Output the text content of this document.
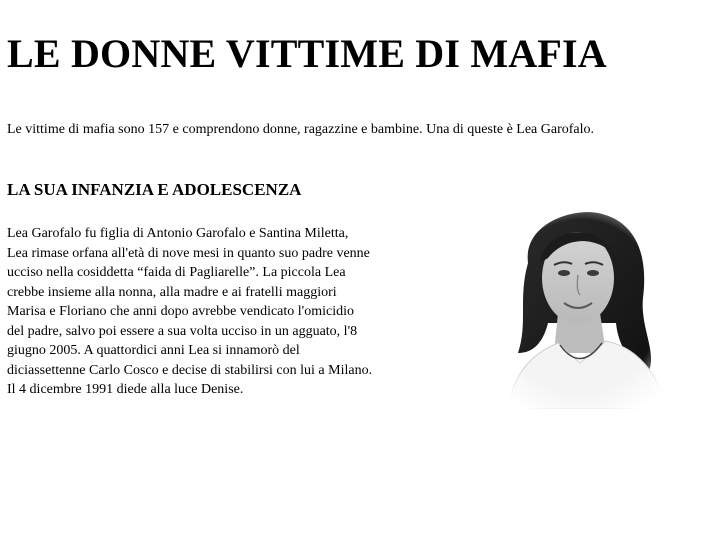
LE DONNE VITTIME DI MAFIA

Le vittime di mafia sono 157 e comprendono donne, ragazzine e bambine. Una di queste è Lea Garofalo.

LA SUA INFANZIA E ADOLESCENZA

Lea Garofalo fu figlia di Antonio Garofalo e Santina Miletta,
Lea rimase orfana all'età di nove mesi in quanto suo padre venne
ucciso nella cosiddetta “faida di Pagliarelle”. La piccola Lea
crebbe insieme alla nonna, alla madre e ai fratelli maggiori
Marisa e Floriano che anni dopo avrebbe vendicato l'omicidio
del padre, salvo poi essere a sua volta ucciso in un agguato, l'8
giugno 2005. A quattordici anni Lea si innamorò del
diciassettenne Carlo Cosco e decise di stabilirsi con lui a Milano.
Il 4 dicembre 1991 diede alla luce Denise.
